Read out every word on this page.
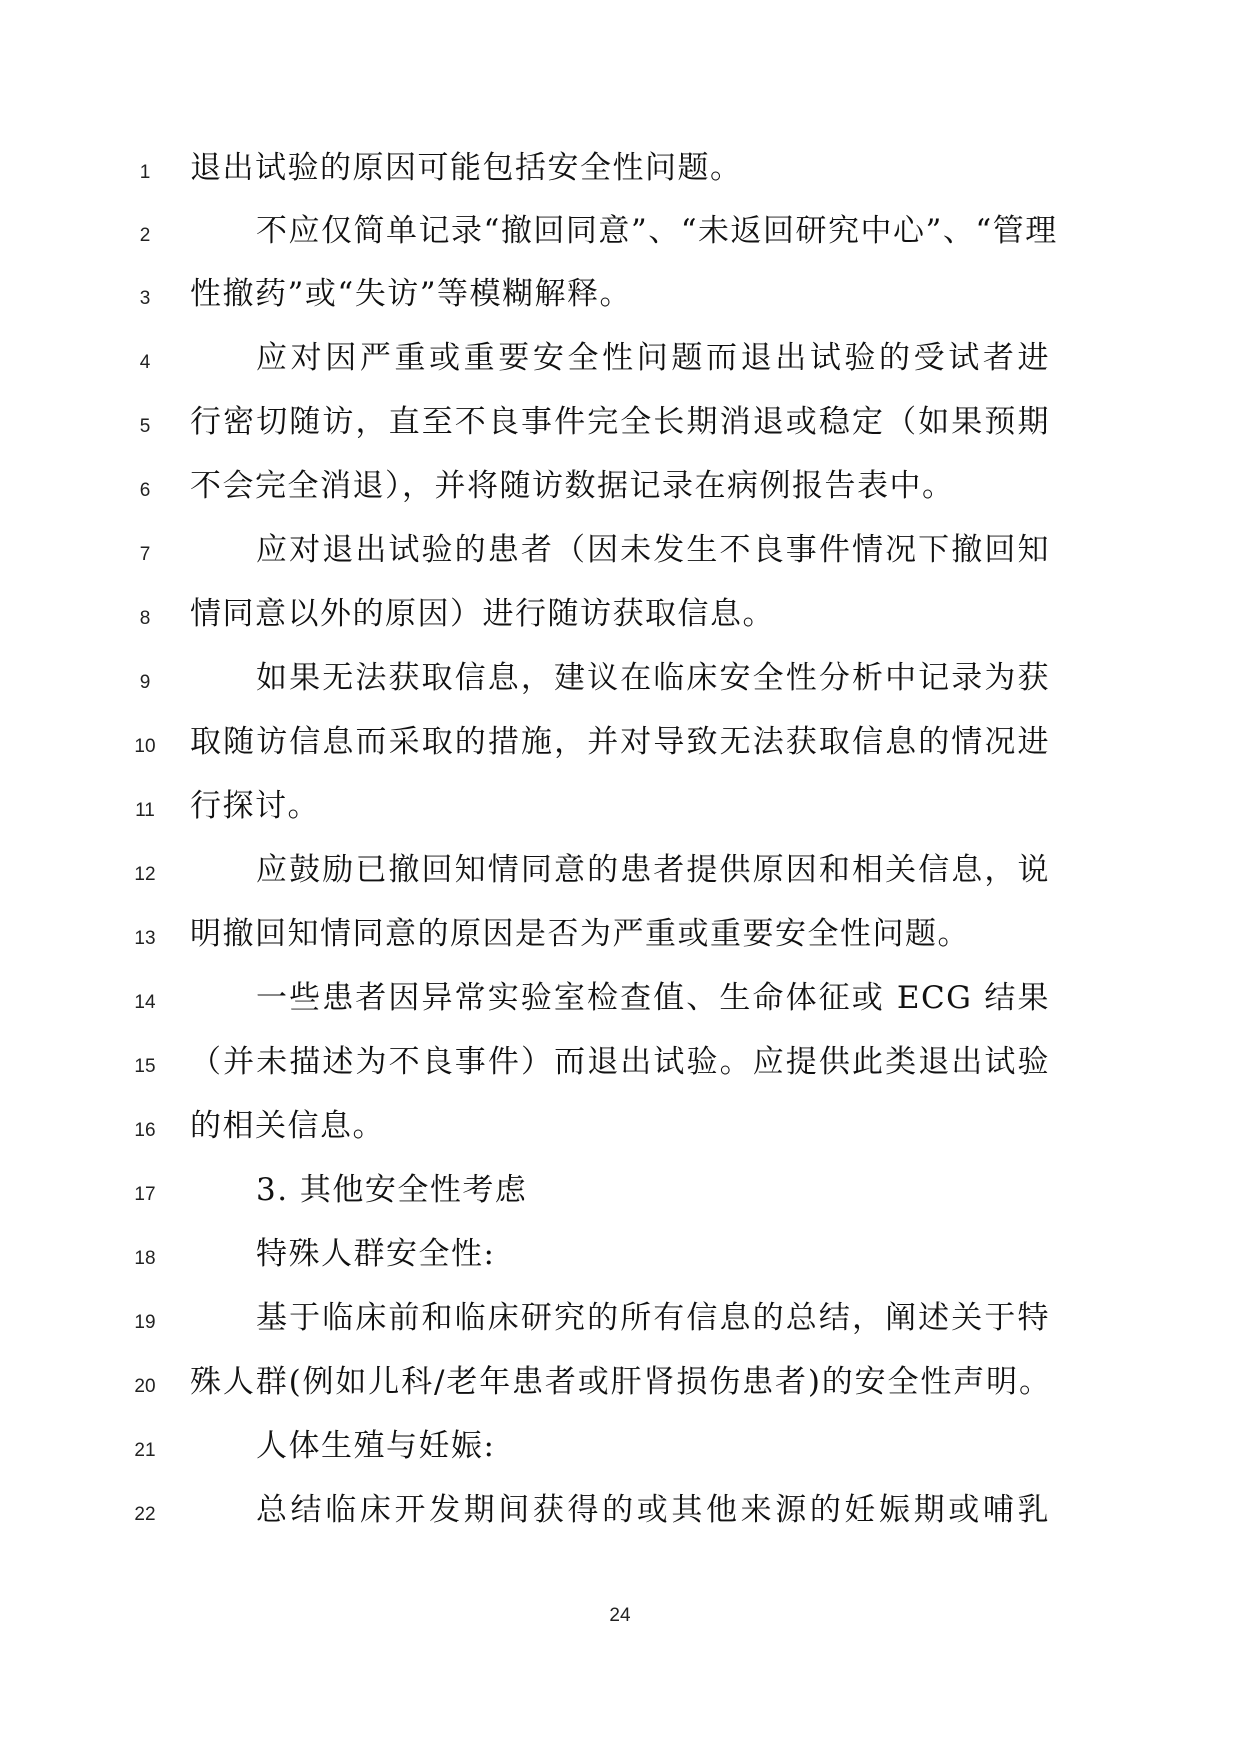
1	退出试验的原因可能包括安全性问题。
2	不应仅简单记录“撤回同意”、“未返回研究中心”、“管理
3	性撤药”或“失访”等模糊解释。
4	应对因严重或重要安全性问题而退出试验的受试者进
5	行密切随访，直至不良事件完全长期消退或稳定（如果预期
6	不会完全消退），并将随访数据记录在病例报告表中。
7	应对退出试验的患者（因未发生不良事件情况下撤回知
8	情同意以外的原因）进行随访获取信息。
9	如果无法获取信息，建议在临床安全性分析中记录为获
10	取随访信息而采取的措施，并对导致无法获取信息的情况进
11	行探讨。
12	应鼓励已撤回知情同意的患者提供原因和相关信息，说
13	明撤回知情同意的原因是否为严重或重要安全性问题。
14	一些患者因异常实验室检查值、生命体征或 ECG 结果
15	（并未描述为不良事件）而退出试验。应提供此类退出试验
16	的相关信息。
17	3. 其他安全性考虑
18	特殊人群安全性:
19	基于临床前和临床研究的所有信息的总结，阐述关于特
20	殊人群(例如儿科/老年患者或肝肾损伤患者)的安全性声明。
21	人体生殖与妊娠:
22	总结临床开发期间获得的或其他来源的妊娠期或哺乳
24
